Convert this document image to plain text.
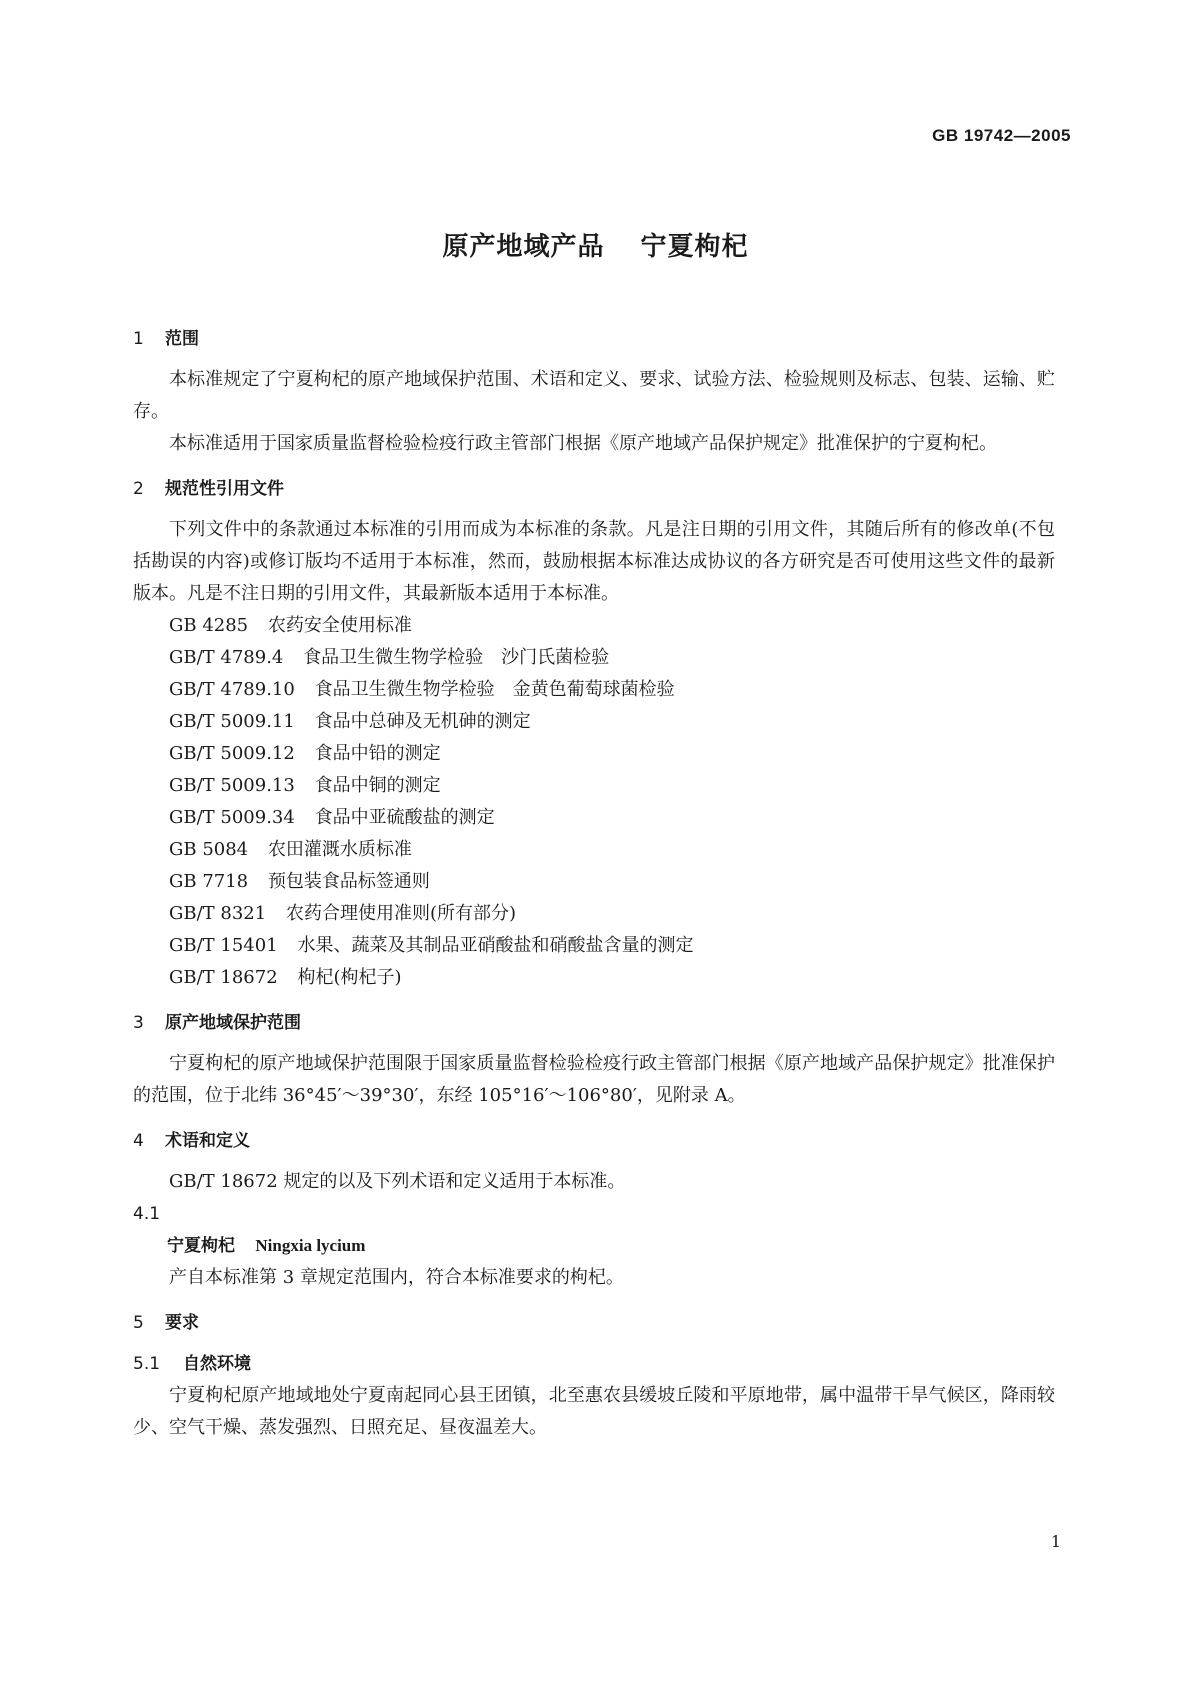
GB 19742—2005
原产地域产品 宁夏枸杞
1 范围

本标准规定了宁夏枸杞的原产地域保护范围、术语和定义、要求、试验方法、检验规则及标志、包装、运输、贮存。

本标准适用于国家质量监督检验检疫行政主管部门根据《原产地域产品保护规定》批准保护的宁夏枸杞。

2 规范性引用文件

下列文件中的条款通过本标准的引用而成为本标准的条款。凡是注日期的引用文件，其随后所有的修改单(不包括勘误的内容)或修订版均不适用于本标准，然而，鼓励根据本标准达成协议的各方研究是否可使用这些文件的最新版本。凡是不注日期的引用文件，其最新版本适用于本标准。

GB 4285 农药安全使用标准

GB/T 4789.4 食品卫生微生物学检验　沙门氏菌检验

GB/T 4789.10 食品卫生微生物学检验　金黄色葡萄球菌检验

GB/T 5009.11 食品中总砷及无机砷的测定

GB/T 5009.12 食品中铅的测定

GB/T 5009.13 食品中铜的测定

GB/T 5009.34 食品中亚硫酸盐的测定

GB 5084 农田灌溉水质标准

GB 7718 预包装食品标签通则

GB/T 8321 农药合理使用准则(所有部分)

GB/T 15401 水果、蔬菜及其制品亚硝酸盐和硝酸盐含量的测定

GB/T 18672 枸杞(枸杞子)

3 原产地域保护范围

宁夏枸杞的原产地域保护范围限于国家质量监督检验检疫行政主管部门根据《原产地域产品保护规定》批准保护的范围，位于北纬 36°45′～39°30′，东经 105°16′～106°80′，见附录 A。

4 术语和定义

GB/T 18672 规定的以及下列术语和定义适用于本标准。

4.1

宁夏枸杞 Ningxia lycium

产自本标准第 3 章规定范围内，符合本标准要求的枸杞。

5 要求
5.1 自然环境

宁夏枸杞原产地域地处宁夏南起同心县王团镇，北至惠农县缓坡丘陵和平原地带，属中温带干旱气候区，降雨较少、空气干燥、蒸发强烈、日照充足、昼夜温差大。

1
